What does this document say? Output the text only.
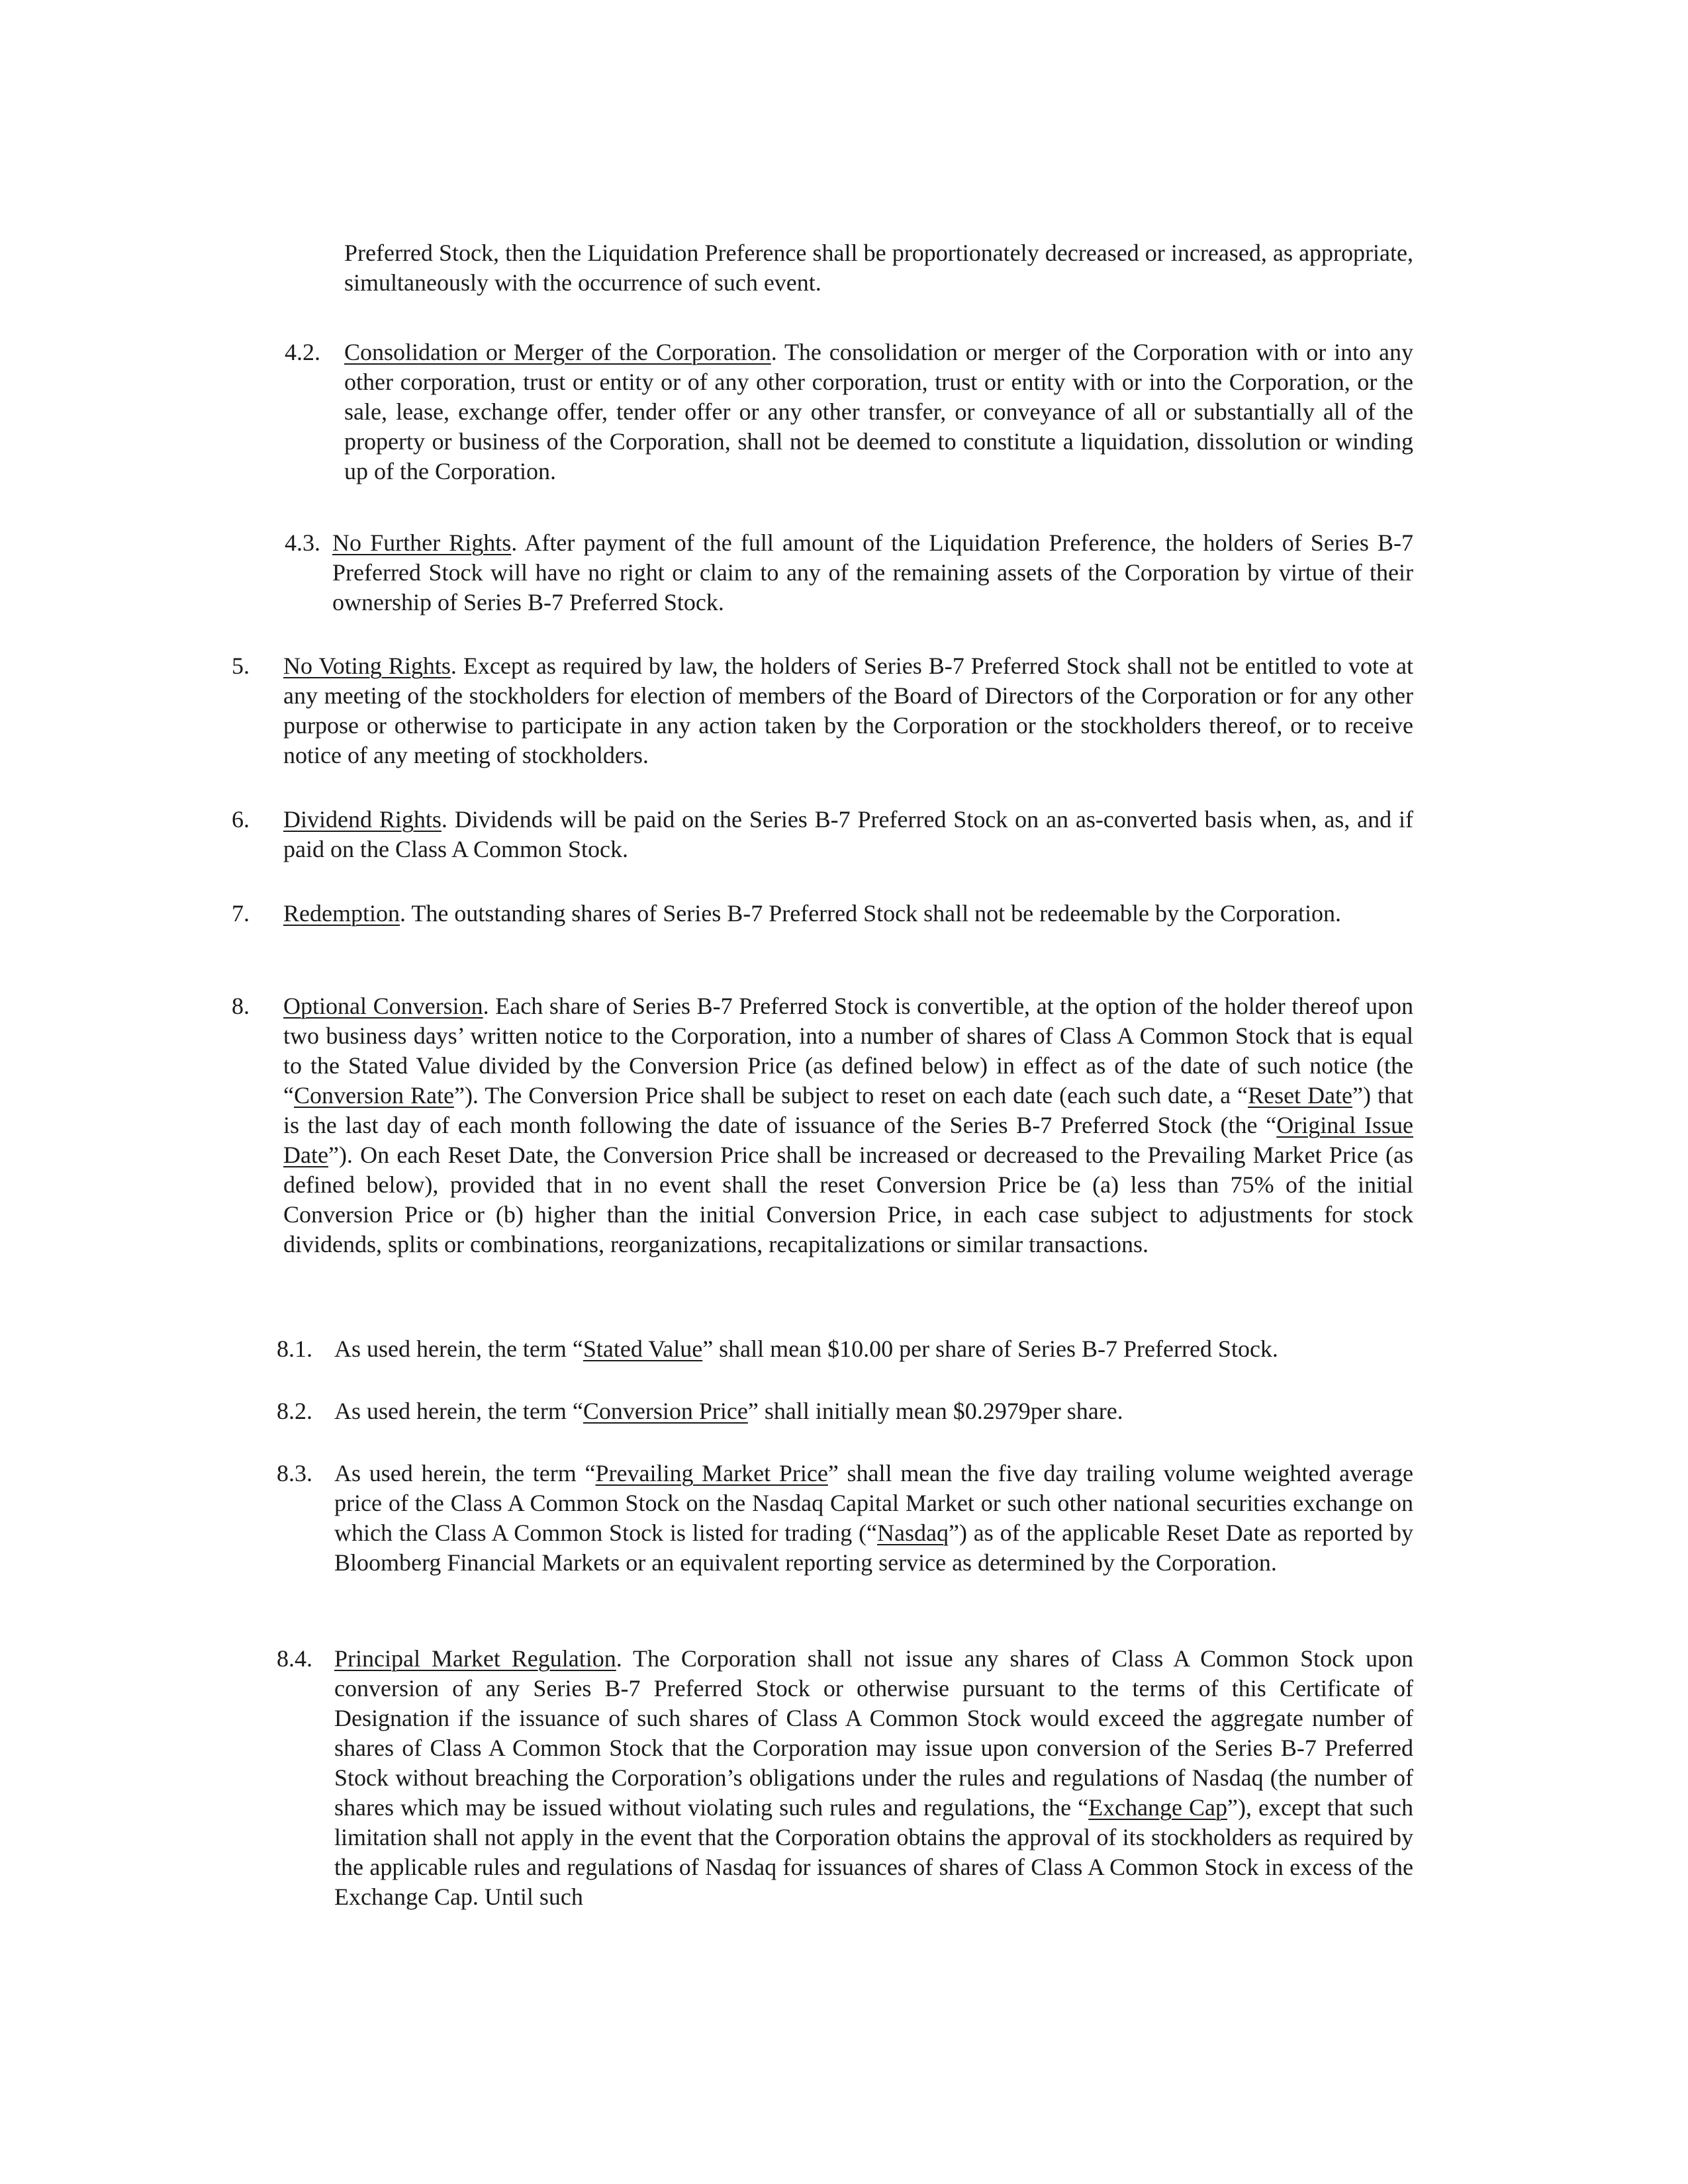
Preferred Stock, then the Liquidation Preference shall be proportionately decreased or increased, as appropriate, simultaneously with the occurrence of such event.

4.2. Consolidation or Merger of the Corporation. The consolidation or merger of the Corporation with or into any other corporation, trust or entity or of any other corporation, trust or entity with or into the Corporation, or the sale, lease, exchange offer, tender offer or any other transfer, or conveyance of all or substantially all of the property or business of the Corporation, shall not be deemed to constitute a liquidation, dissolution or winding up of the Corporation.

4.3. No Further Rights. After payment of the full amount of the Liquidation Preference, the holders of Series B-7 Preferred Stock will have no right or claim to any of the remaining assets of the Corporation by virtue of their ownership of Series B-7 Preferred Stock.

5. No Voting Rights. Except as required by law, the holders of Series B-7 Preferred Stock shall not be entitled to vote at any meeting of the stockholders for election of members of the Board of Directors of the Corporation or for any other purpose or otherwise to participate in any action taken by the Corporation or the stockholders thereof, or to receive notice of any meeting of stockholders.

6. Dividend Rights. Dividends will be paid on the Series B-7 Preferred Stock on an as-converted basis when, as, and if paid on the Class A Common Stock.

7. Redemption. The outstanding shares of Series B-7 Preferred Stock shall not be redeemable by the Corporation.

8. Optional Conversion. Each share of Series B-7 Preferred Stock is convertible, at the option of the holder thereof upon two business days’ written notice to the Corporation, into a number of shares of Class A Common Stock that is equal to the Stated Value divided by the Conversion Price (as defined below) in effect as of the date of such notice (the “Conversion Rate”). The Conversion Price shall be subject to reset on each date (each such date, a “Reset Date”) that is the last day of each month following the date of issuance of the Series B-7 Preferred Stock (the “Original Issue Date”). On each Reset Date, the Conversion Price shall be increased or decreased to the Prevailing Market Price (as defined below), provided that in no event shall the reset Conversion Price be (a) less than 75% of the initial Conversion Price or (b) higher than the initial Conversion Price, in each case subject to adjustments for stock dividends, splits or combinations, reorganizations, recapitalizations or similar transactions.

8.1. As used herein, the term “Stated Value” shall mean $10.00 per share of Series B-7 Preferred Stock.

8.2. As used herein, the term “Conversion Price” shall initially mean $0.2979per share.

8.3. As used herein, the term “Prevailing Market Price” shall mean the five day trailing volume weighted average price of the Class A Common Stock on the Nasdaq Capital Market or such other national securities exchange on which the Class A Common Stock is listed for trading (“Nasdaq”) as of the applicable Reset Date as reported by Bloomberg Financial Markets or an equivalent reporting service as determined by the Corporation.

8.4. Principal Market Regulation. The Corporation shall not issue any shares of Class A Common Stock upon conversion of any Series B-7 Preferred Stock or otherwise pursuant to the terms of this Certificate of Designation if the issuance of such shares of Class A Common Stock would exceed the aggregate number of shares of Class A Common Stock that the Corporation may issue upon conversion of the Series B-7 Preferred Stock without breaching the Corporation’s obligations under the rules and regulations of Nasdaq (the number of shares which may be issued without violating such rules and regulations, the “Exchange Cap”), except that such limitation shall not apply in the event that the Corporation obtains the approval of its stockholders as required by the applicable rules and regulations of Nasdaq for issuances of shares of Class A Common Stock in excess of the Exchange Cap. Until such
